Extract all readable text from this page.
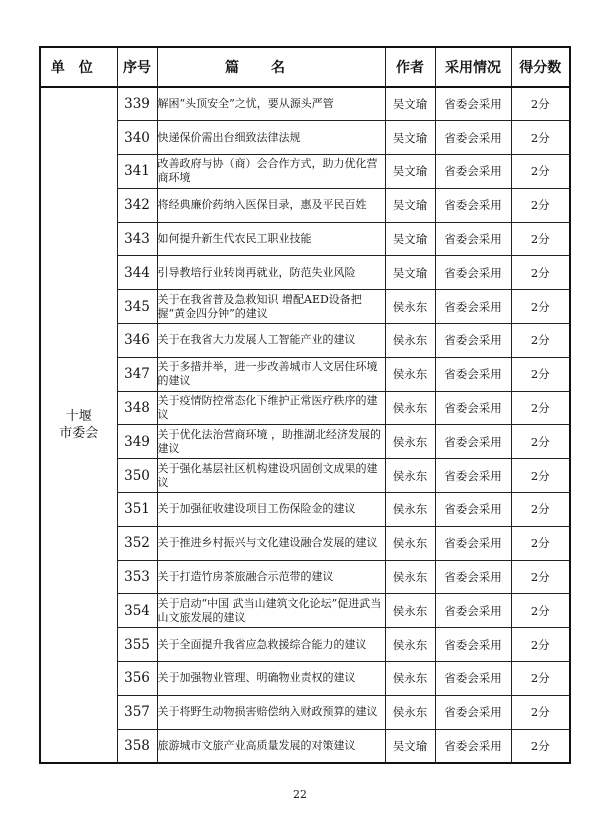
单位	序号	篇名	作者	采用情况	得分数

十堰
市委会	339	解困“头顶安全”之忧，要从源头严管	吴文瑜	省委会采用	2分
	340	快递保价需出台细致法律法规	吴文瑜	省委会采用	2分
	341	改善政府与协（商）会合作方式，助力优化营商环境	吴文瑜	省委会采用	2分
	342	将经典廉价药纳入医保目录，惠及平民百姓	吴文瑜	省委会采用	2分
	343	如何提升新生代农民工职业技能	吴文瑜	省委会采用	2分
	344	引导教培行业转岗再就业，防范失业风险	吴文瑜	省委会采用	2分
	345	关于在我省普及急救知识 增配AED设备把握“黄金四分钟”的建议	侯永东	省委会采用	2分
	346	关于在我省大力发展人工智能产业的建议	侯永东	省委会采用	2分
	347	关于多措并举，进一步改善城市人文居住环境的建议	侯永东	省委会采用	2分
	348	关于疫情防控常态化下维护正常医疗秩序的建议	侯永东	省委会采用	2分
	349	关于优化法治营商环境 ，助推湖北经济发展的建议	侯永东	省委会采用	2分
	350	关于强化基层社区机构建设巩固创文成果的建议	侯永东	省委会采用	2分
	351	关于加强征收建设项目工伤保险金的建议	侯永东	省委会采用	2分
	352	关于推进乡村振兴与文化建设融合发展的建议	侯永东	省委会采用	2分
	353	关于打造竹房茶旅融合示范带的建议	侯永东	省委会采用	2分
	354	关于启动“中国 武当山建筑文化论坛”促进武当山文旅发展的建议	侯永东	省委会采用	2分
	355	关于全面提升我省应急救援综合能力的建议	侯永东	省委会采用	2分
	356	关于加强物业管理、明确物业责权的建议	侯永东	省委会采用	2分
	357	关于将野生动物损害赔偿纳入财政预算的建议	侯永东	省委会采用	2分
	358	旅游城市文旅产业高质量发展的对策建议	吴文瑜	省委会采用	2分
22
